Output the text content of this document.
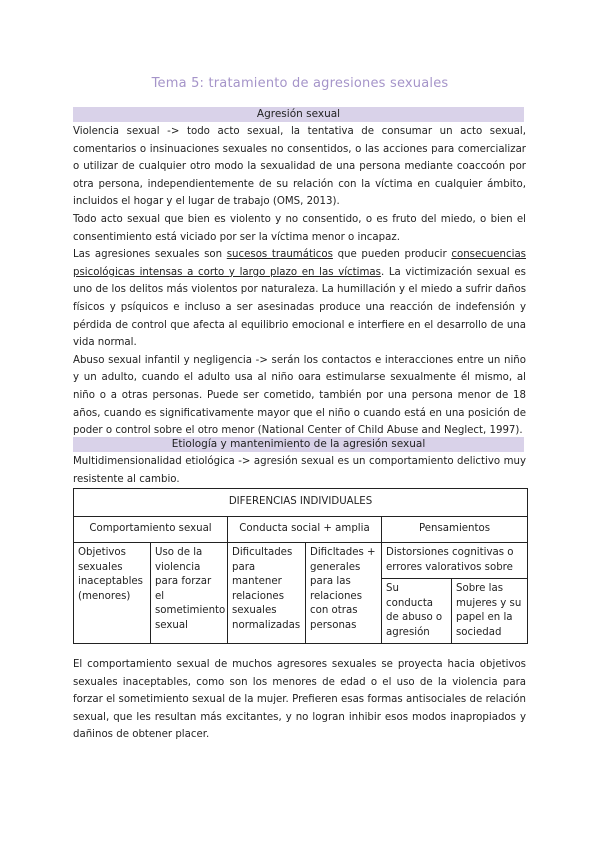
Tema 5: tratamiento de agresiones sexuales
Agresión sexual

Violencia sexual -> todo acto sexual, la tentativa de consumar un acto sexual, comentarios o insinuaciones sexuales no consentidos, o las acciones para comercializar o utilizar de cualquier otro modo la sexualidad de una persona mediante coaccoón por otra persona, independientemente de su relación con la víctima en cualquier ámbito, incluidos el hogar y el lugar de trabajo (OMS, 2013).

Todo acto sexual que bien es violento y no consentido, o es fruto del miedo, o bien el consentimiento está viciado por ser la víctima menor o incapaz.

Las agresiones sexuales son sucesos traumáticos que pueden producir consecuencias psicológicas intensas a corto y largo plazo en las víctimas. La victimización sexual es uno de los delitos más violentos por naturaleza. La humillación y el miedo a sufrir daños físicos y psíquicos e incluso a ser asesinadas produce una reacción de indefensión y pérdida de control que afecta al equilibrio emocional e interfiere en el desarrollo de una vida normal.

Abuso sexual infantil y negligencia -> serán los contactos e interacciones entre un niño y un adulto, cuando el adulto usa al niño oara estimularse sexualmente él mismo, al niño o a otras personas. Puede ser cometido, también por una persona menor de 18 años, cuando es significativamente mayor que el niño o cuando está en una posición de poder o control sobre el otro menor (National Center of Child Abuse and Neglect, 1997).

Etiología y mantenimiento de la agresión sexual
Multidimensionalidad etiológica -> agresión sexual es un comportamiento delictivo muy resistente al cambio.
DIFERENCIAS INDIVIDUALES					
Comportamiento sexual		Conducta social + amplia		Pensamientos	
Objetivos sexuales inaceptables (menores)	Uso de la violencia para forzar el sometimiento sexual	Dificultades para mantener relaciones sexuales normalizadas	Dificltades + generales para las relaciones con otras personas	Distorsiones cognitivas o errores valorativos sobre	
				Su conducta de abuso o agresión	Sobre las mujeres y su papel en la sociedad
El comportamiento sexual de muchos agresores sexuales se proyecta hacia objetivos sexuales inaceptables, como son los menores de edad o el uso de la violencia para forzar el sometimiento sexual de la mujer. Prefieren esas formas antisociales de relación sexual, que les resultan más excitantes, y no logran inhibir esos modos inapropiados y dañinos de obtener placer.
